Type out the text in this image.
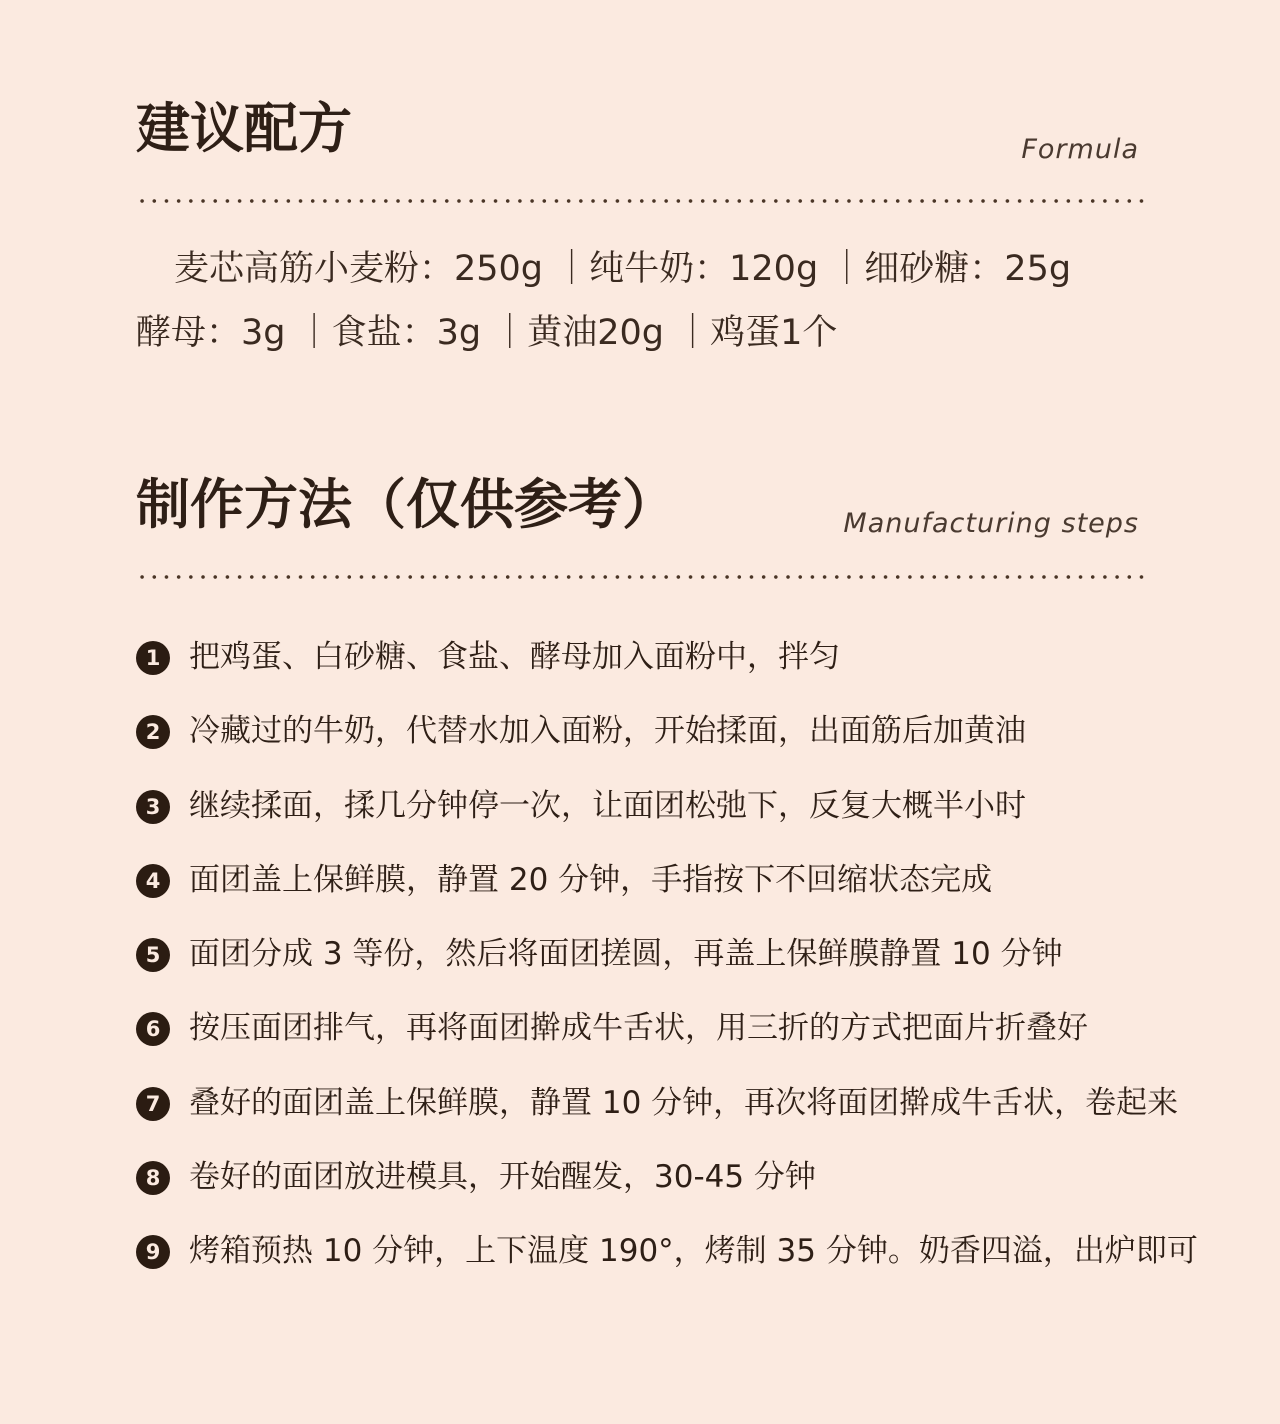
建议配方	Formula
麦芯高筋小麦粉：250g ｜纯牛奶：120g ｜细砂糖：25g
酵母：3g ｜食盐：3g ｜黄油20g ｜鸡蛋1个
制作方法（仅供参考）	Manufacturing steps
1 把鸡蛋、白砂糖、食盐、酵母加入面粉中，拌匀
2 冷藏过的牛奶，代替水加入面粉，开始揉面，出面筋后加黄油
3 继续揉面，揉几分钟停一次，让面团松弛下，反复大概半小时
4 面团盖上保鲜膜，静置 20 分钟，手指按下不回缩状态完成
5 面团分成 3 等份，然后将面团搓圆，再盖上保鲜膜静置 10 分钟
6 按压面团排气，再将面团擀成牛舌状，用三折的方式把面片折叠好
7 叠好的面团盖上保鲜膜，静置 10 分钟，再次将面团擀成牛舌状，卷起来
8 卷好的面团放进模具，开始醒发，30-45 分钟
9 烤箱预热 10 分钟，上下温度 190°，烤制 35 分钟。奶香四溢，出炉即可
